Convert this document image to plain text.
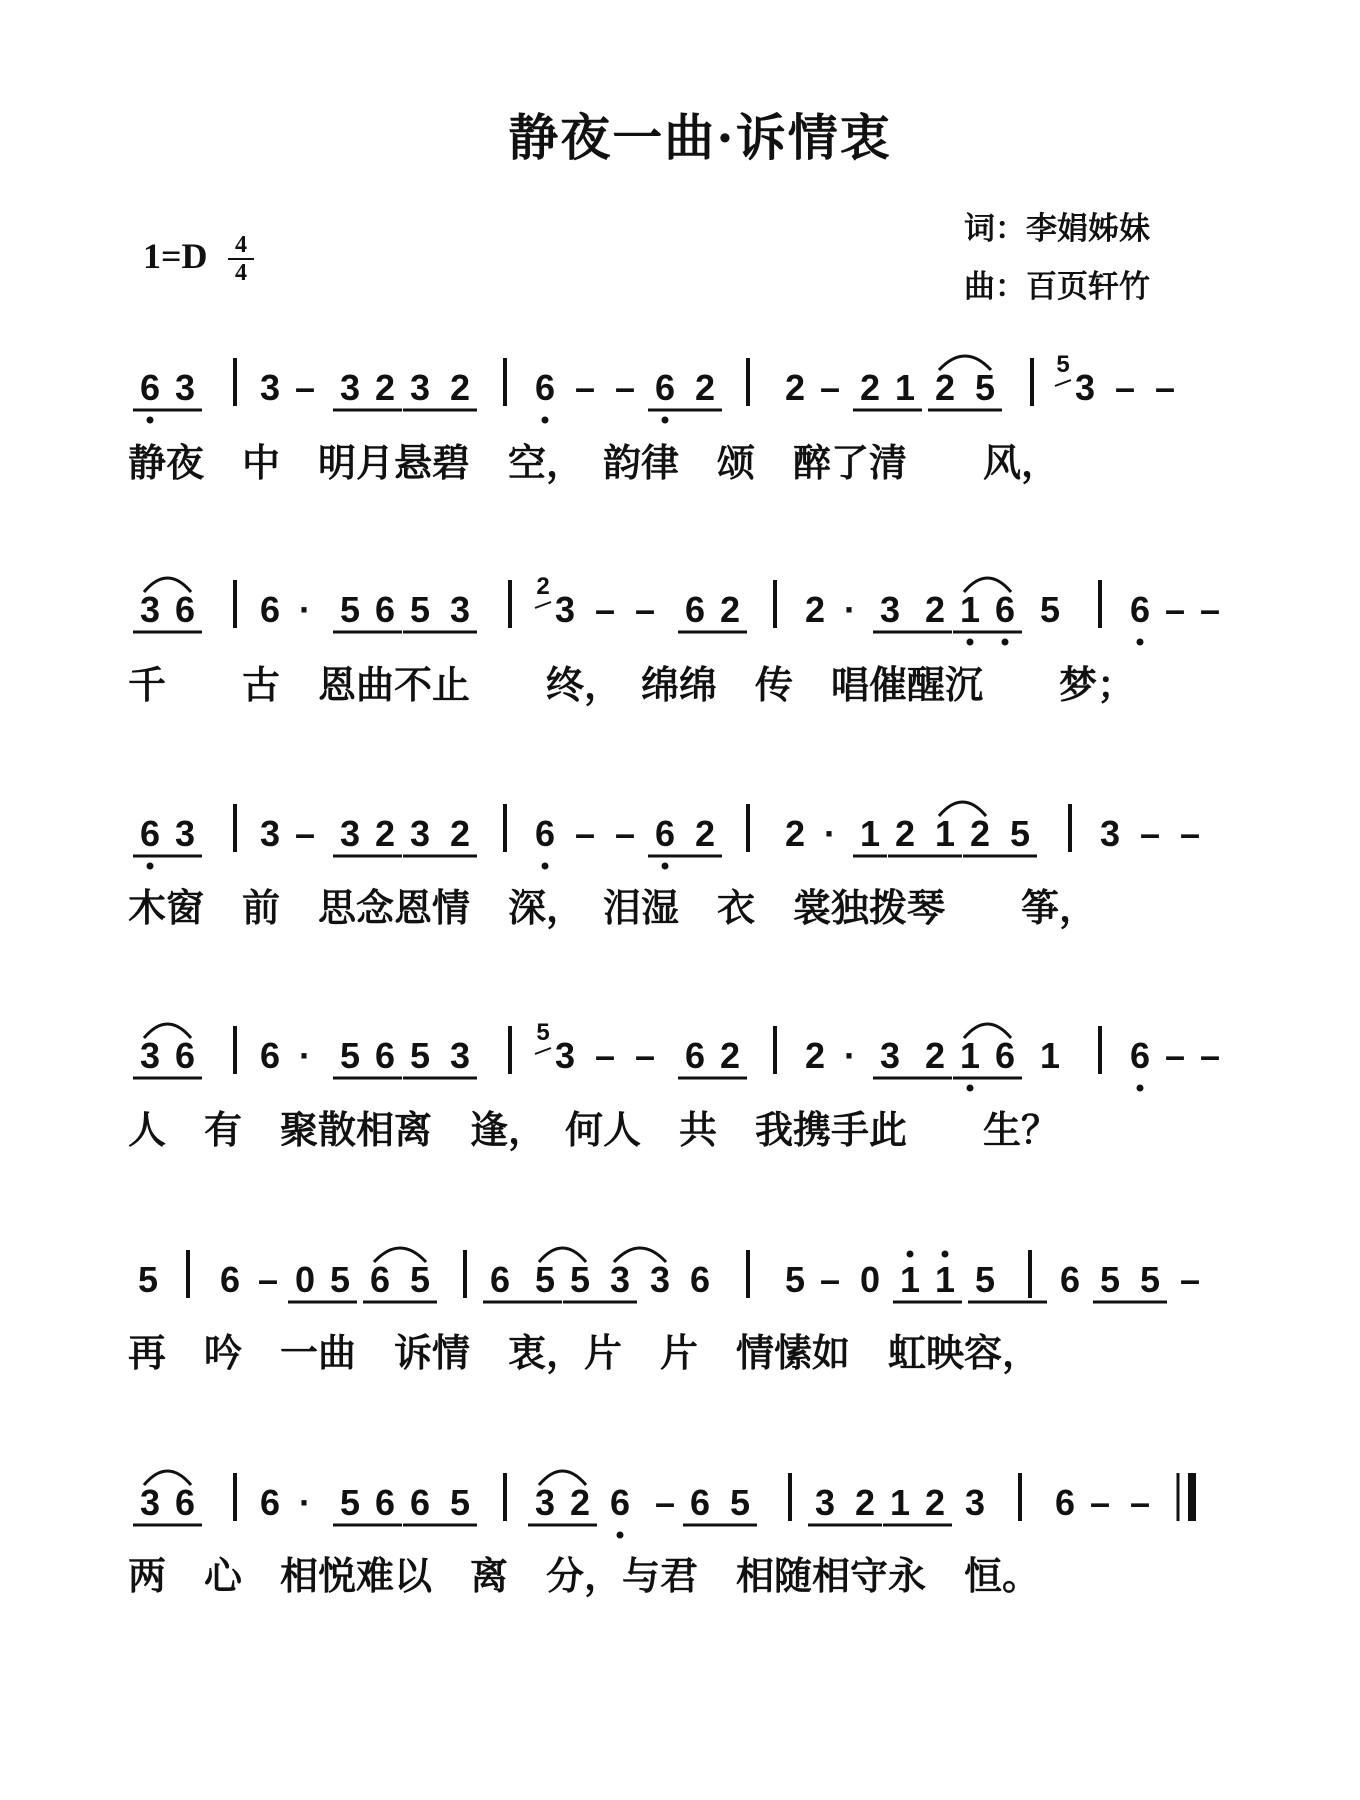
静夜一曲·诉情衷
1=D 4
4
词：李娟姊妹
曲：百页轩竹
6 3 3 – 3 2 3 2 6 – – 6 2 2 – 2 1 2 5 3
5
– –
3 6 6 · 5 6 5 3 3
2
– – 6 2 2 · 3 2 1 6 5 6 – –
6 3 3 – 3 2 3 2 6 – – 6 2 2 · 1 2 1 2 5 3 – –
3 6 6 · 5 6 5 3 3
5
– – 6 2 2 · 3 2 1 6 1 6 – –
5 6 – 0 5 6 5 6 5 5 3 3 6 5 – 0 1 1 5 6 5 5 –
3 6 6 · 5 6 6 5 3 2 6 – 6 5 3 2 1 2 3 6 – –
静夜　中　明月悬碧　空，　韵律　颂　醉了清　　风，
千　　古　恩曲不止　　终，　绵绵　传　唱催醒沉　　梦；
木窗　前　思念恩情　深，　泪湿　衣　裳独拨琴　　筝，
人　有　聚散相离　逢，　何人　共　我携手此　　生？
再　吟　一曲　诉情　衷，片　片　情愫如　虹映容，
两　心　相悦难以　离　分，与君　相随相守永　恒。
